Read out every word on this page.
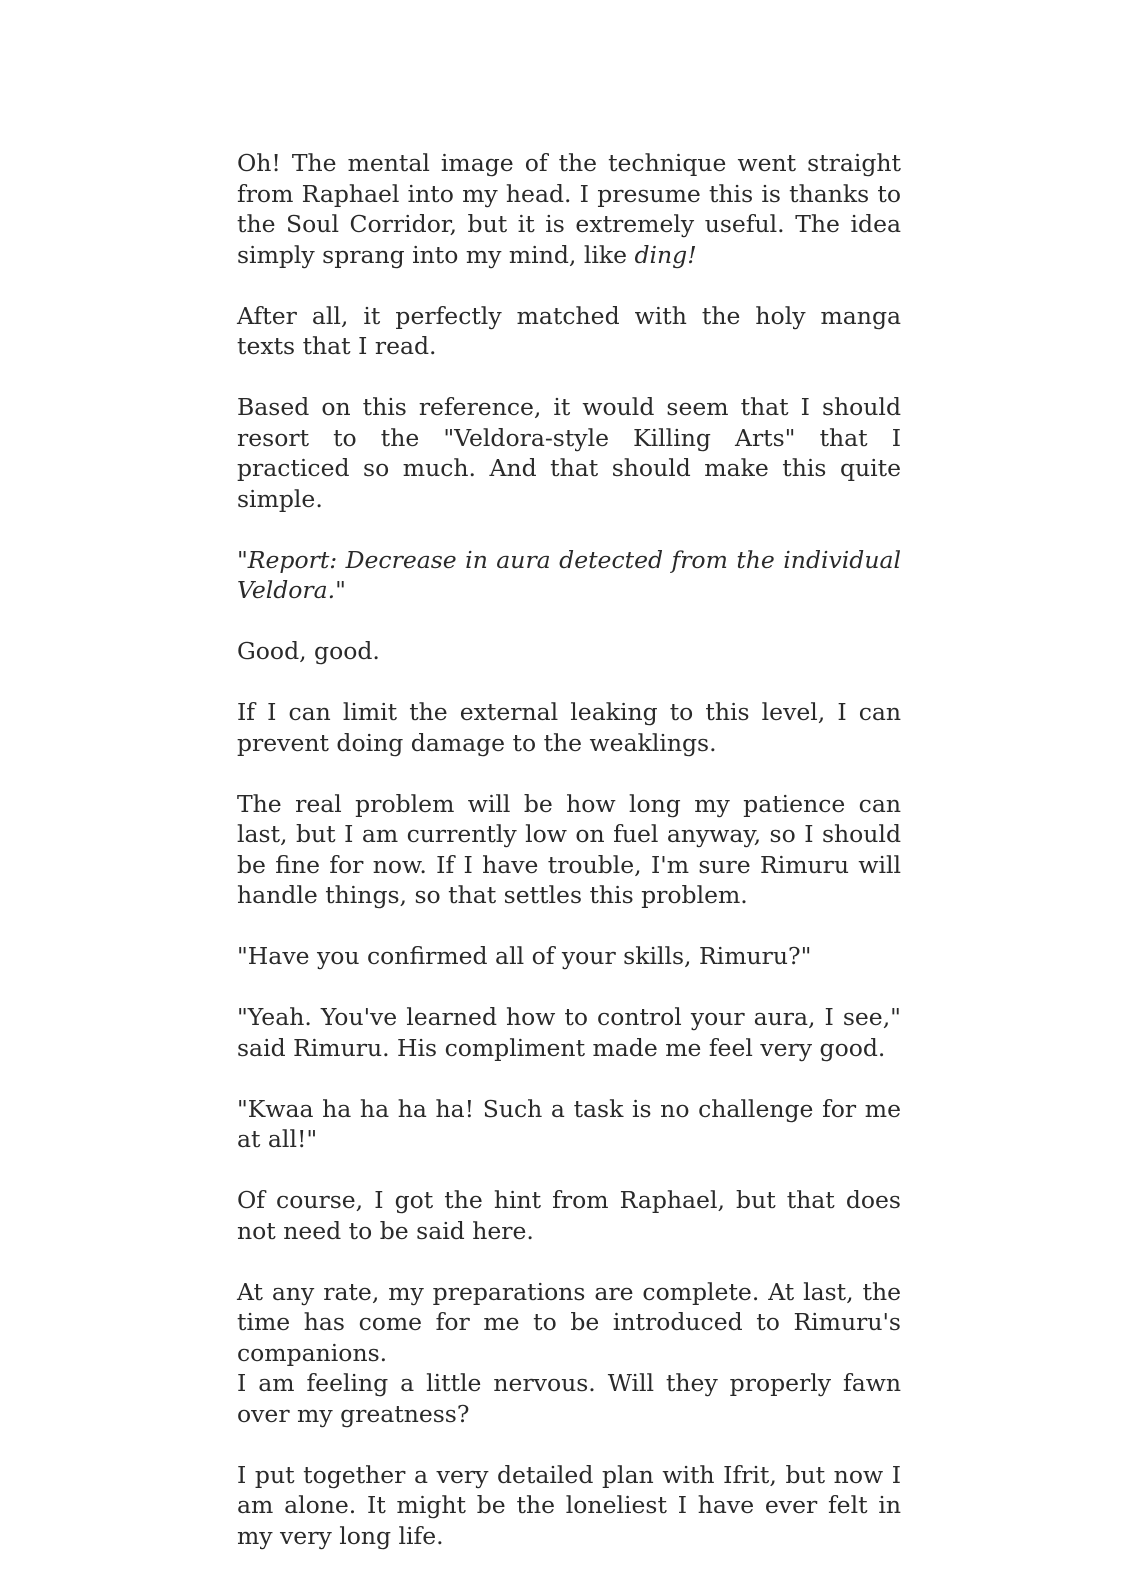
Oh! The mental image of the technique went straight from Raphael into my head. I presume this is thanks to the Soul Corridor, but it is extremely useful. The idea simply sprang into my mind, like ding!

After all, it perfectly matched with the holy manga texts that I read.

Based on this reference, it would seem that I should resort to the "Veldora-style Killing Arts" that I practiced so much. And that should make this quite simple.

"Report: Decrease in aura detected from the individual Veldora."

Good, good.

If I can limit the external leaking to this level, I can prevent doing damage to the weaklings.

The real problem will be how long my patience can last, but I am currently low on fuel anyway, so I should be fine for now. If I have trouble, I'm sure Rimuru will handle things, so that settles this problem.

"Have you confirmed all of your skills, Rimuru?"

"Yeah. You've learned how to control your aura, I see," said Rimuru. His compliment made me feel very good.

"Kwaa ha ha ha ha! Such a task is no challenge for me at all!"

Of course, I got the hint from Raphael, but that does not need to be said here.

At any rate, my preparations are complete. At last, the time has come for me to be introduced to Rimuru's companions.
I am feeling a little nervous. Will they properly fawn over my greatness?

I put together a very detailed plan with Ifrit, but now I am alone. It might be the loneliest I have ever felt in my very long life.
